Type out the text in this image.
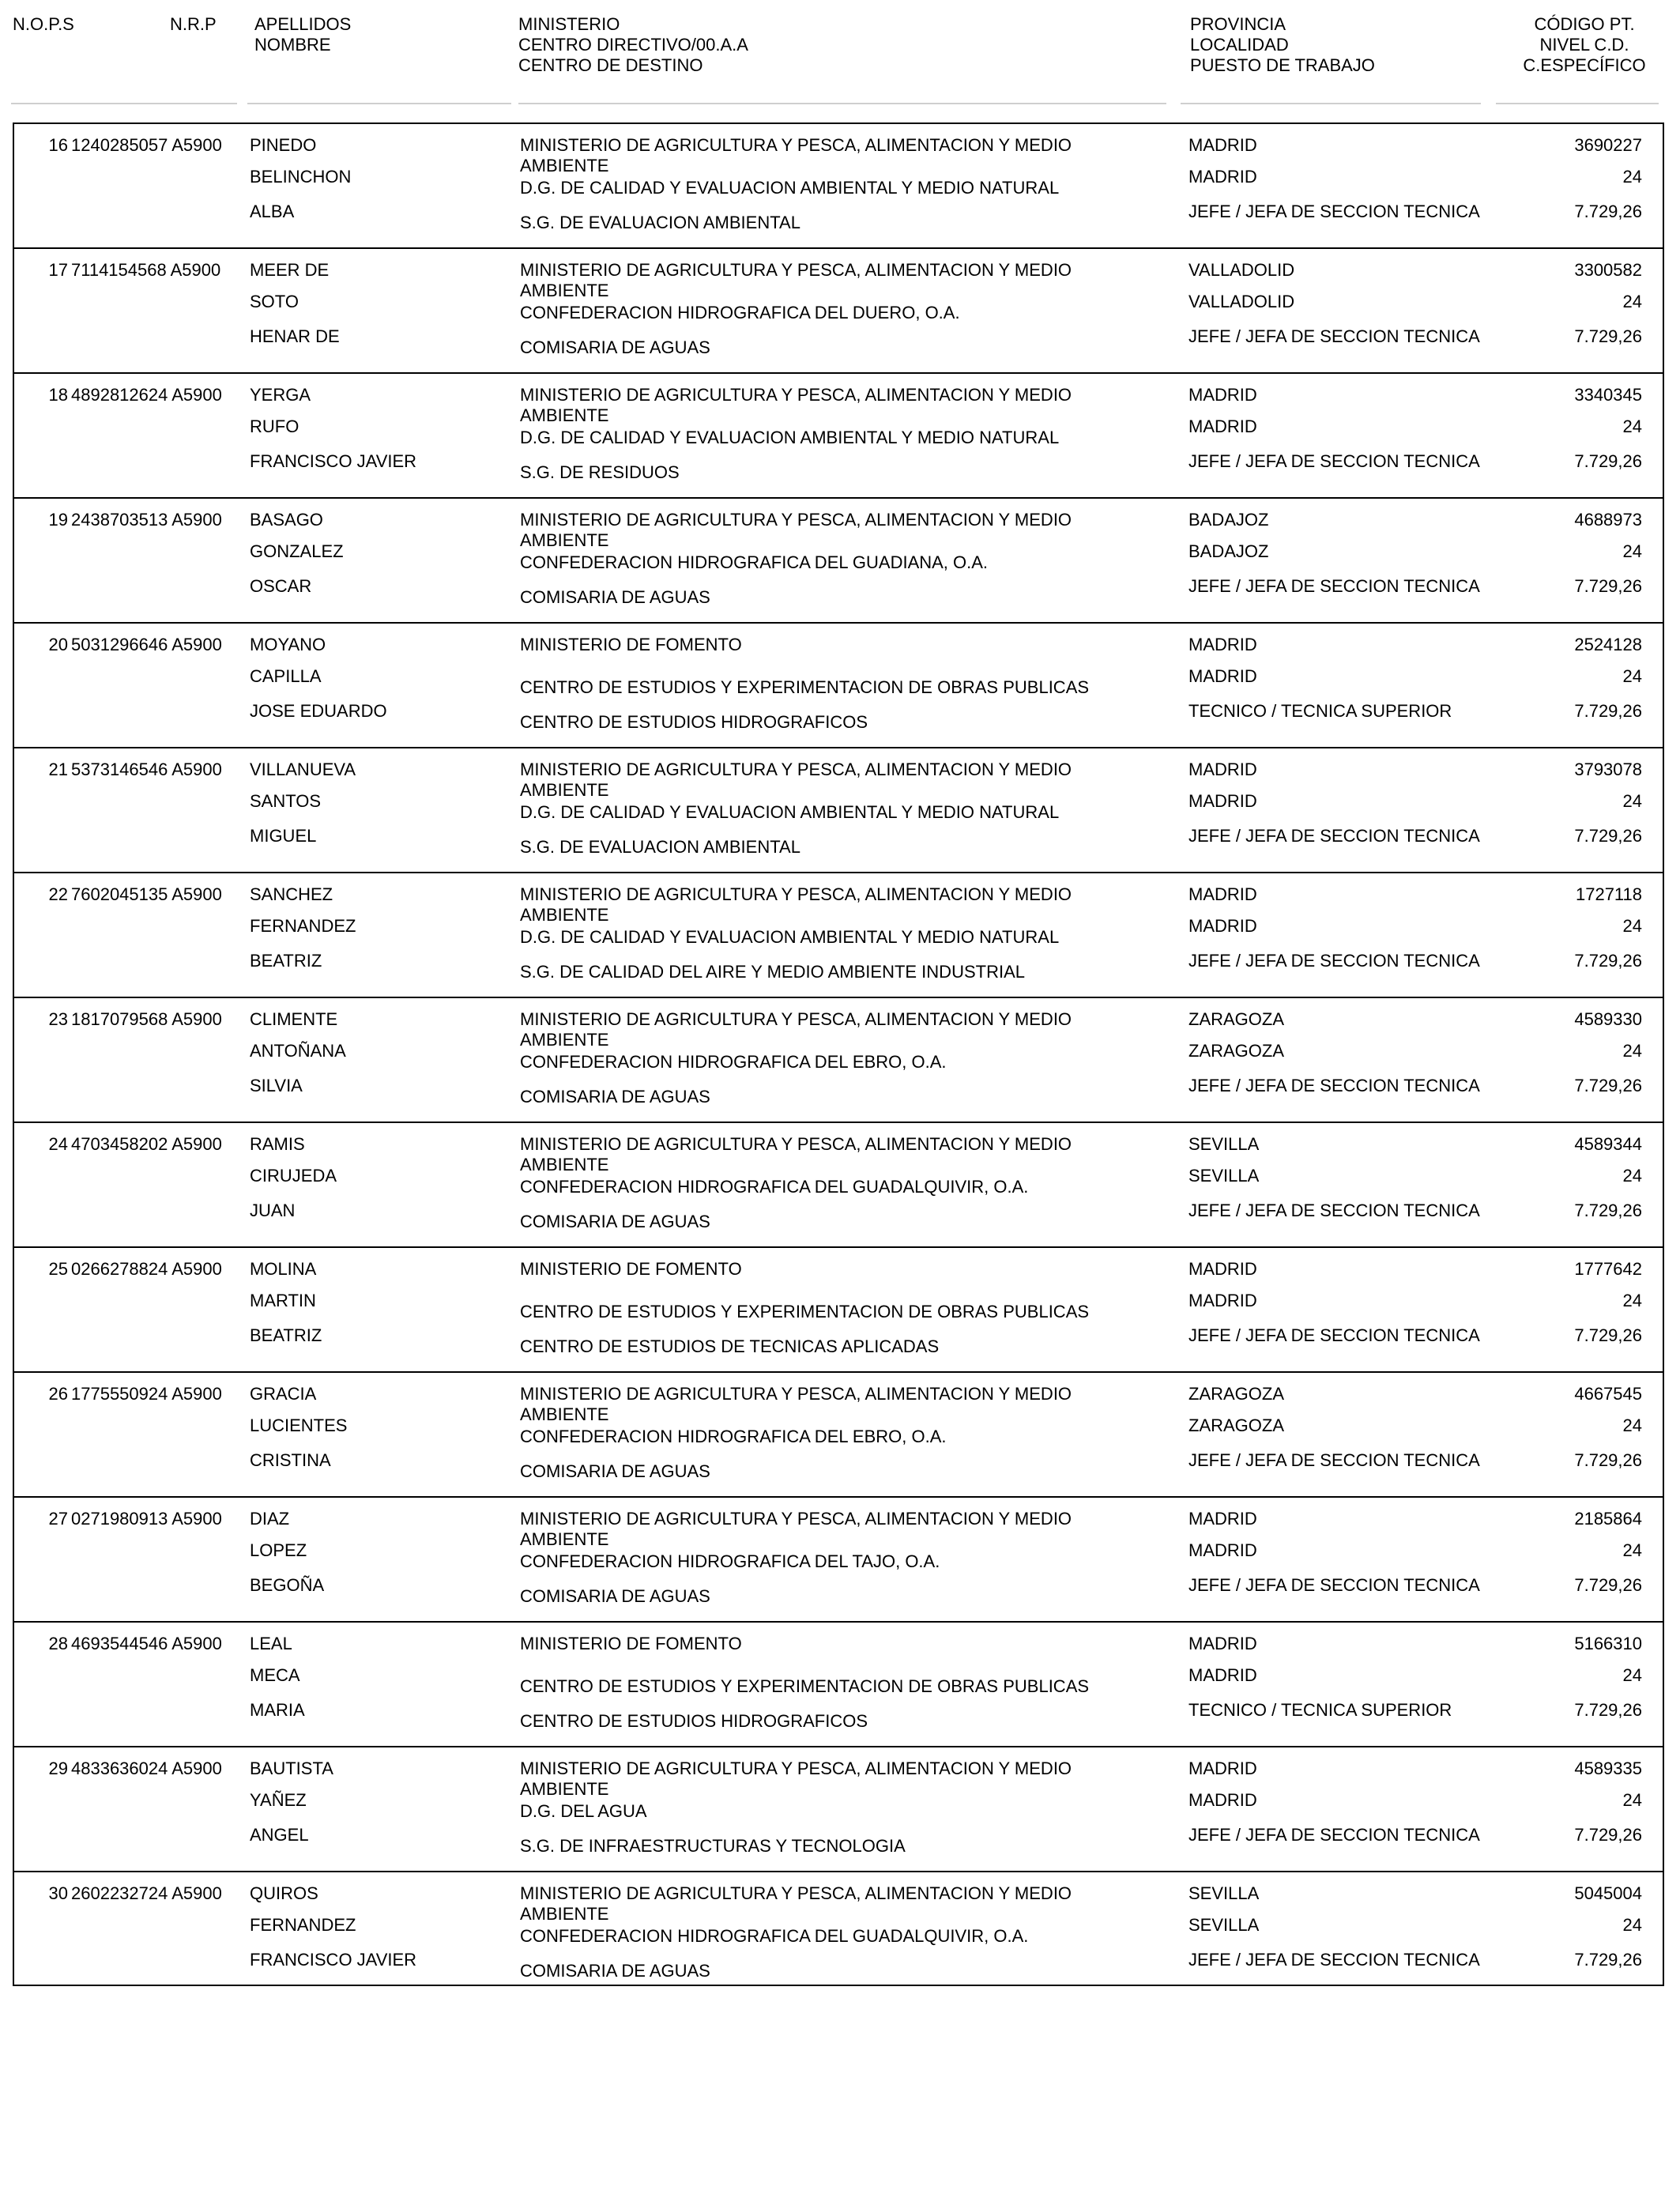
N.O.P.S	N.R.P APELLIDOS
NOMBRE
MINISTERIO
CENTRO DIRECTIVO/00.A.A
CENTRO DE DESTINO
PROVINCIA
LOCALIDAD
PUESTO DE TRABAJO
CÓDIGO PT.
NIVEL C.D.
C.ESPECÍFICO
16 1240285057 A5900 PINEDO
BELINCHON
ALBA
MINISTERIO DE AGRICULTURA Y PESCA, ALIMENTACION Y MEDIO
AMBIENTE
D.G. DE CALIDAD Y EVALUACION AMBIENTAL Y MEDIO NATURAL
S.G. DE EVALUACION AMBIENTAL
MADRID
MADRID
JEFE / JEFA DE SECCION TECNICA
3690227
24
7.729,26
17 7114154568 A5900 MEER DE
SOTO
HENAR DE
MINISTERIO DE AGRICULTURA Y PESCA, ALIMENTACION Y MEDIO
AMBIENTE
CONFEDERACION HIDROGRAFICA DEL DUERO, O.A.
COMISARIA DE AGUAS
VALLADOLID
VALLADOLID
JEFE / JEFA DE SECCION TECNICA
3300582
24
7.729,26
18 4892812624 A5900 YERGA
RUFO
FRANCISCO JAVIER
MINISTERIO DE AGRICULTURA Y PESCA, ALIMENTACION Y MEDIO
AMBIENTE
D.G. DE CALIDAD Y EVALUACION AMBIENTAL Y MEDIO NATURAL
S.G. DE RESIDUOS
MADRID
MADRID
JEFE / JEFA DE SECCION TECNICA
3340345
24
7.729,26
19 2438703513 A5900 BASAGO
GONZALEZ
OSCAR
MINISTERIO DE AGRICULTURA Y PESCA, ALIMENTACION Y MEDIO
AMBIENTE
CONFEDERACION HIDROGRAFICA DEL GUADIANA, O.A.
COMISARIA DE AGUAS
BADAJOZ
BADAJOZ
JEFE / JEFA DE SECCION TECNICA
4688973
24
7.729,26
20 5031296646 A5900 MOYANO
CAPILLA
JOSE EDUARDO
MINISTERIO DE FOMENTO
CENTRO DE ESTUDIOS Y EXPERIMENTACION DE OBRAS PUBLICAS
CENTRO DE ESTUDIOS HIDROGRAFICOS
MADRID
MADRID
TECNICO / TECNICA SUPERIOR
2524128
24
7.729,26
21 5373146546 A5900 VILLANUEVA
SANTOS
MIGUEL
MINISTERIO DE AGRICULTURA Y PESCA, ALIMENTACION Y MEDIO
AMBIENTE
D.G. DE CALIDAD Y EVALUACION AMBIENTAL Y MEDIO NATURAL
S.G. DE EVALUACION AMBIENTAL
MADRID
MADRID
JEFE / JEFA DE SECCION TECNICA
3793078
24
7.729,26
22 7602045135 A5900 SANCHEZ
FERNANDEZ
BEATRIZ
MINISTERIO DE AGRICULTURA Y PESCA, ALIMENTACION Y MEDIO
AMBIENTE
D.G. DE CALIDAD Y EVALUACION AMBIENTAL Y MEDIO NATURAL
S.G. DE CALIDAD DEL AIRE Y MEDIO AMBIENTE INDUSTRIAL
MADRID
MADRID
JEFE / JEFA DE SECCION TECNICA
1727118
24
7.729,26
23 1817079568 A5900 CLIMENTE
ANTOÑANA
SILVIA
MINISTERIO DE AGRICULTURA Y PESCA, ALIMENTACION Y MEDIO
AMBIENTE
CONFEDERACION HIDROGRAFICA DEL EBRO, O.A.
COMISARIA DE AGUAS
ZARAGOZA
ZARAGOZA
JEFE / JEFA DE SECCION TECNICA
4589330
24
7.729,26
24 4703458202 A5900 RAMIS
CIRUJEDA
JUAN
MINISTERIO DE AGRICULTURA Y PESCA, ALIMENTACION Y MEDIO
AMBIENTE
CONFEDERACION HIDROGRAFICA DEL GUADALQUIVIR, O.A.
COMISARIA DE AGUAS
SEVILLA
SEVILLA
JEFE / JEFA DE SECCION TECNICA
4589344
24
7.729,26
25 0266278824 A5900 MOLINA
MARTIN
BEATRIZ
MINISTERIO DE FOMENTO
CENTRO DE ESTUDIOS Y EXPERIMENTACION DE OBRAS PUBLICAS
CENTRO DE ESTUDIOS DE TECNICAS APLICADAS
MADRID
MADRID
JEFE / JEFA DE SECCION TECNICA
1777642
24
7.729,26
26 1775550924 A5900 GRACIA
LUCIENTES
CRISTINA
MINISTERIO DE AGRICULTURA Y PESCA, ALIMENTACION Y MEDIO
AMBIENTE
CONFEDERACION HIDROGRAFICA DEL EBRO, O.A.
COMISARIA DE AGUAS
ZARAGOZA
ZARAGOZA
JEFE / JEFA DE SECCION TECNICA
4667545
24
7.729,26
27 0271980913 A5900 DIAZ
LOPEZ
BEGOÑA
MINISTERIO DE AGRICULTURA Y PESCA, ALIMENTACION Y MEDIO
AMBIENTE
CONFEDERACION HIDROGRAFICA DEL TAJO, O.A.
COMISARIA DE AGUAS
MADRID
MADRID
JEFE / JEFA DE SECCION TECNICA
2185864
24
7.729,26
28 4693544546 A5900 LEAL
MECA
MARIA
MINISTERIO DE FOMENTO
CENTRO DE ESTUDIOS Y EXPERIMENTACION DE OBRAS PUBLICAS
CENTRO DE ESTUDIOS HIDROGRAFICOS
MADRID
MADRID
TECNICO / TECNICA SUPERIOR
5166310
24
7.729,26
29 4833636024 A5900 BAUTISTA
YAÑEZ
ANGEL
MINISTERIO DE AGRICULTURA Y PESCA, ALIMENTACION Y MEDIO
AMBIENTE
D.G. DEL AGUA
S.G. DE INFRAESTRUCTURAS Y TECNOLOGIA
MADRID
MADRID
JEFE / JEFA DE SECCION TECNICA
4589335
24
7.729,26
30 2602232724 A5900 QUIROS
FERNANDEZ
FRANCISCO JAVIER
MINISTERIO DE AGRICULTURA Y PESCA, ALIMENTACION Y MEDIO
AMBIENTE
CONFEDERACION HIDROGRAFICA DEL GUADALQUIVIR, O.A.
COMISARIA DE AGUAS
SEVILLA
SEVILLA
JEFE / JEFA DE SECCION TECNICA
5045004
24
7.729,26
